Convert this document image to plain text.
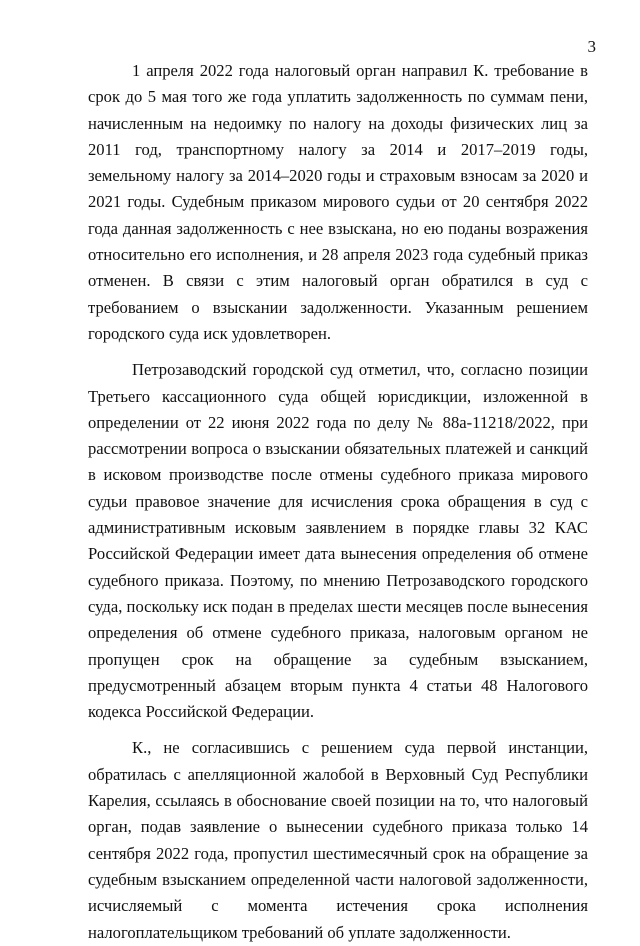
3

1 апреля 2022 года налоговый орган направил К. требование в срок до 5 мая того же года уплатить задолженность по суммам пени, начисленным на недоимку по налогу на доходы физических лиц за 2011 год, транспортному налогу за 2014 и 2017–2019 годы, земельному налогу за 2014–2020 годы и страховым взносам за 2020 и 2021 годы. Судебным приказом мирового судьи от 20 сентября 2022 года данная задолженность с нее взыскана, но ею поданы возражения относительно его исполнения, и 28 апреля 2023 года судебный приказ отменен. В связи с этим налоговый орган обратился в суд с требованием о взыскании задолженности. Указанным решением городского суда иск удовлетворен.

Петрозаводский городской суд отметил, что, согласно позиции Третьего кассационного суда общей юрисдикции, изложенной в определении от 22 июня 2022 года по делу № 88а-11218/2022, при рассмотрении вопроса о взыскании обязательных платежей и санкций в исковом производстве после отмены судебного приказа мирового судьи правовое значение для исчисления срока обращения в суд с административным исковым заявлением в порядке главы 32 КАС Российской Федерации имеет дата вынесения определения об отмене судебного приказа. Поэтому, по мнению Петрозаводского городского суда, поскольку иск подан в пределах шести месяцев после вынесения определения об отмене судебного приказа, налоговым органом не пропущен срок на обращение за судебным взысканием, предусмотренный абзацем вторым пункта 4 статьи 48 Налогового кодекса Российской Федерации.

К., не согласившись с решением суда первой инстанции, обратилась с апелляционной жалобой в Верховный Суд Республики Карелия, ссылаясь в обоснование своей позиции на то, что налоговый орган, подав заявление о вынесении судебного приказа только 14 сентября 2022 года, пропустил шестимесячный срок на обращение за судебным взысканием определенной части налоговой задолженности, исчисляемый с момента истечения срока исполнения налогоплательщиком требований об уплате задолженности.
